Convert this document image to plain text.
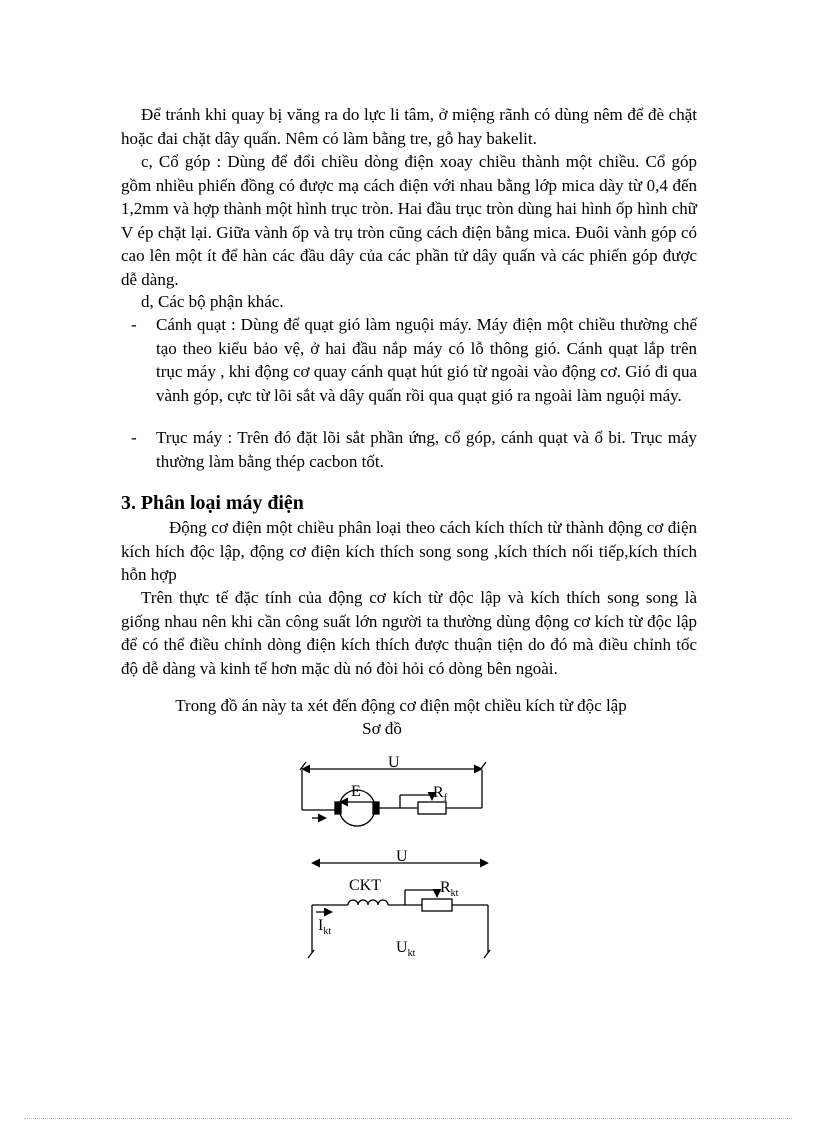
Để tránh khi quay bị văng ra do lực li tâm, ở miệng rãnh có dùng nêm để đè chặt hoặc đai chặt dây quấn. Nêm có làm bằng tre, gỗ hay bakelit.

c, Cổ góp : Dùng để đổi chiều dòng điện xoay chiều thành một chiều. Cổ góp gồm nhiều phiến đồng có được mạ cách điện với nhau bằng lớp mica dày từ 0,4 đến 1,2mm và hợp thành một hình trục tròn. Hai đầu trục tròn dùng hai hình ốp hình chữ V ép chặt lại. Giữa vành ốp và trụ tròn cũng cách điện bằng mica. Đuôi vành góp có cao lên một ít để hàn các đầu dây của các phần tử dây quấn và các phiến góp được dễ dàng.

d, Các bộ phận khác.

- Cánh quạt : Dùng để quạt gió làm nguội máy. Máy điện một chiều thường chế tạo theo kiểu bảo vệ, ở hai đầu nắp máy có lỗ thông gió. Cánh quạt lắp trên trục máy , khi động cơ quay cánh quạt hút gió từ ngoài vào động cơ. Gió đi qua vành góp, cực từ lõi sắt và dây quấn rồi qua quạt gió ra ngoài làm nguội máy.
- Trục máy : Trên đó đặt lõi sắt phần ứng, cổ góp, cánh quạt và ổ bi. Trục máy thường làm bằng thép cacbon tốt.
3. Phân loại máy điện

Động cơ điện một chiều phân loại theo cách kích thích từ thành động cơ điện kích hích độc lập, động cơ điện kích thích song song ,kích thích nối tiếp,kích thích hỗn hợp

Trên thực tế đặc tính của động cơ kích từ độc lập và kích thích song song là giống nhau nên khi cần công suất lớn người ta thường dùng động cơ kích từ độc lập để có thể điều chỉnh dòng điện kích thích được thuận tiện do đó mà điều chỉnh tốc độ dễ dàng và kinh tế hơn mặc dù nó đòi hỏi có dòng bên ngoài.

Trong đồ án này ta xét đến động cơ điện một chiều kích từ độc lập

Sơ đồ

U
E	$R_f$
U
CKT	$R_{kt}$
$I_{kt}$
$U_{kt}$
